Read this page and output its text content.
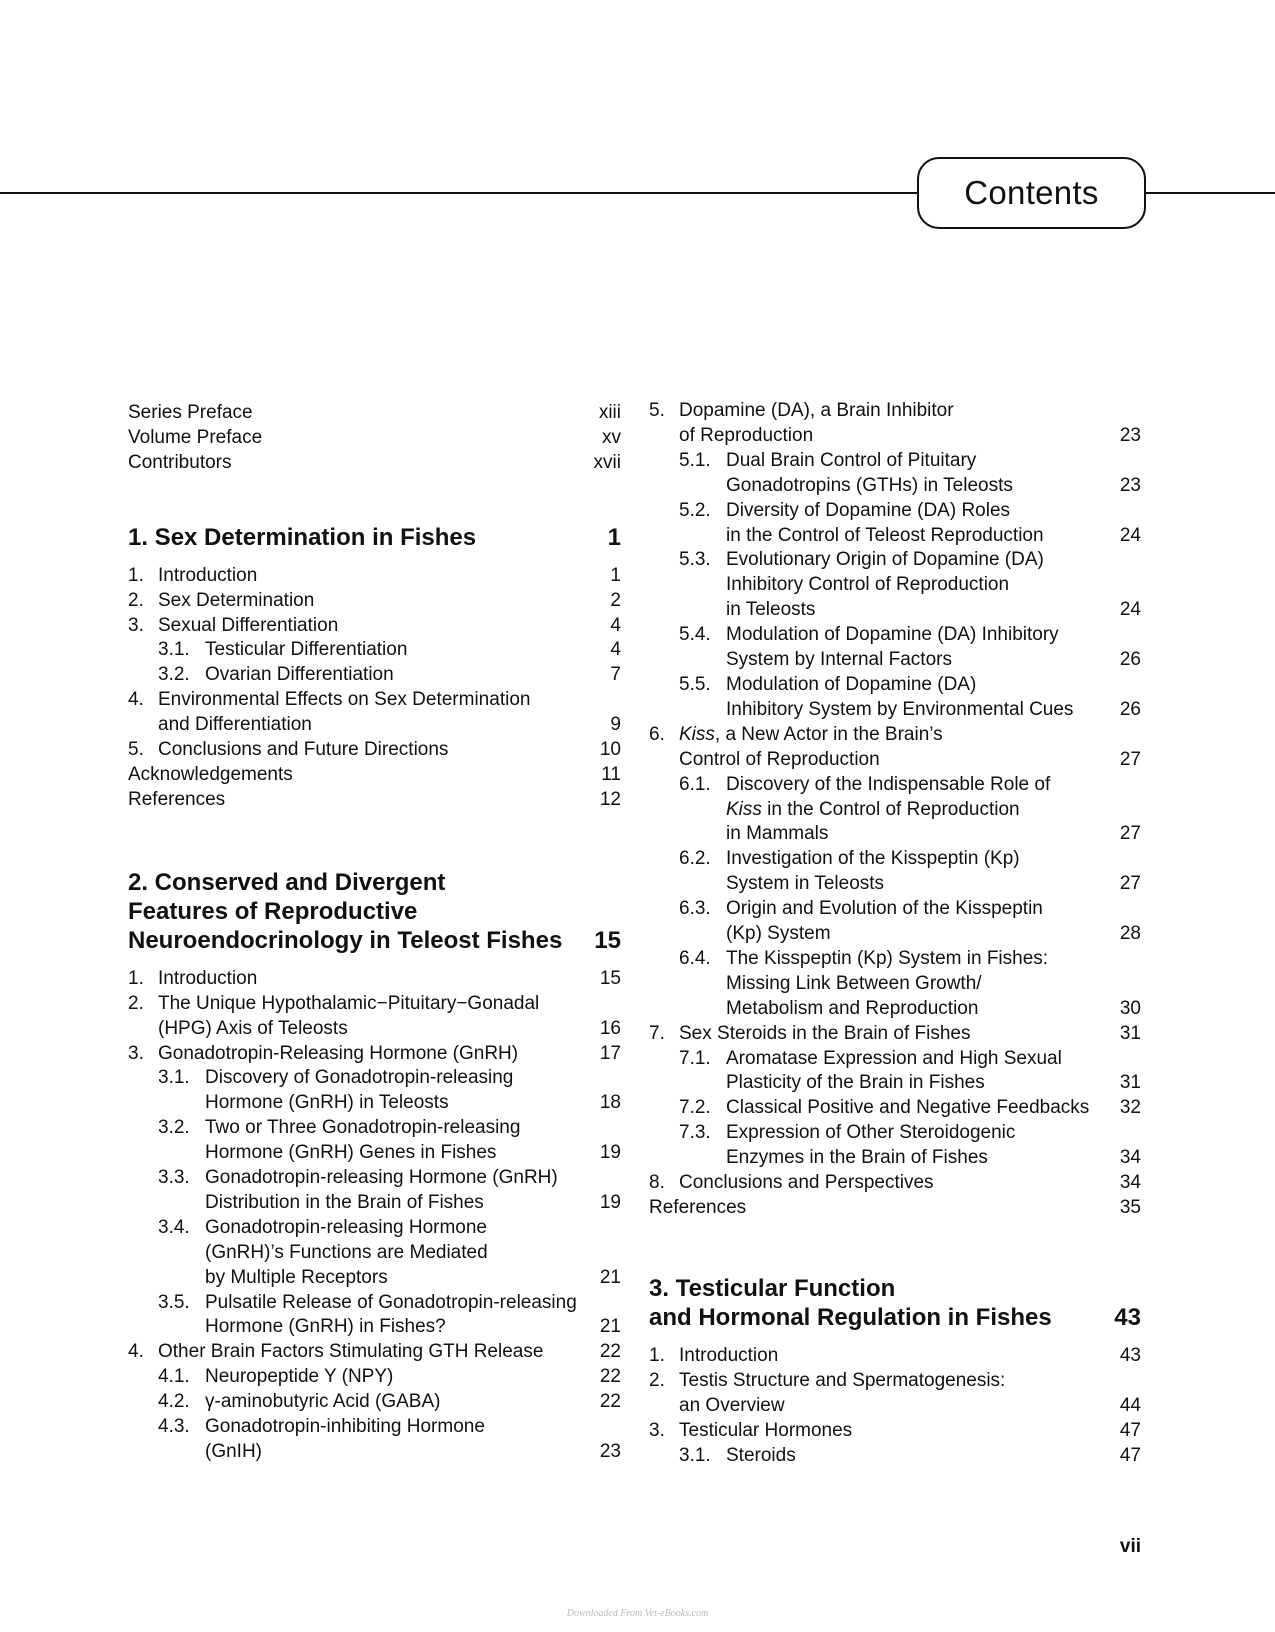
Contents
Series Preface	xiii
Volume Preface	xv
Contributors	xvii
1. Sex Determination in Fishes	1
1. Introduction	1
2. Sex Determination	2
3. Sexual Differentiation	4
3.1. Testicular Differentiation	4
3.2. Ovarian Differentiation	7
4. Environmental Effects on Sex Determination
and Differentiation	9
5. Conclusions and Future Directions	10
Acknowledgements	11
References	12
2. Conserved and Divergent
Features of Reproductive
Neuroendocrinology in Teleost Fishes	15
1. Introduction	15
2. The Unique Hypothalamic−Pituitary−Gonadal
(HPG) Axis of Teleosts	16
3. Gonadotropin-Releasing Hormone (GnRH)	17
3.1. Discovery of Gonadotropin-releasing
Hormone (GnRH) in Teleosts	18
3.2. Two or Three Gonadotropin-releasing
Hormone (GnRH) Genes in Fishes	19
3.3. Gonadotropin-releasing Hormone (GnRH)
Distribution in the Brain of Fishes	19
3.4. Gonadotropin-releasing Hormone
(GnRH)’s Functions are Mediated
by Multiple Receptors	21
3.5. Pulsatile Release of Gonadotropin-releasing
Hormone (GnRH) in Fishes?	21
4. Other Brain Factors Stimulating GTH Release	22
4.1. Neuropeptide Y (NPY)	22
4.2. γ-aminobutyric Acid (GABA)	22
4.3. Gonadotropin-inhibiting Hormone
(GnIH)	23
5. Dopamine (DA), a Brain Inhibitor
of Reproduction	23
5.1. Dual Brain Control of Pituitary
Gonadotropins (GTHs) in Teleosts	23
5.2. Diversity of Dopamine (DA) Roles
in the Control of Teleost Reproduction	24
5.3. Evolutionary Origin of Dopamine (DA)
Inhibitory Control of Reproduction
in Teleosts	24
5.4. Modulation of Dopamine (DA) Inhibitory
System by Internal Factors	26
5.5. Modulation of Dopamine (DA)
Inhibitory System by Environmental Cues	26
6. Kiss, a New Actor in the Brain’s
Control of Reproduction	27
6.1. Discovery of the Indispensable Role of
Kiss in the Control of Reproduction
in Mammals	27
6.2. Investigation of the Kisspeptin (Kp)
System in Teleosts	27
6.3. Origin and Evolution of the Kisspeptin
(Kp) System	28
6.4. The Kisspeptin (Kp) System in Fishes:
Missing Link Between Growth/
Metabolism and Reproduction	30
7. Sex Steroids in the Brain of Fishes	31
7.1. Aromatase Expression and High Sexual
Plasticity of the Brain in Fishes	31
7.2. Classical Positive and Negative Feedbacks	32
7.3. Expression of Other Steroidogenic
Enzymes in the Brain of Fishes	34
8. Conclusions and Perspectives	34
References	35
3. Testicular Function
and Hormonal Regulation in Fishes	43
1. Introduction	43
2. Testis Structure and Spermatogenesis:
an Overview	44
3. Testicular Hormones	47
3.1. Steroids	47
vii
Downloaded From Vet-eBooks.com
